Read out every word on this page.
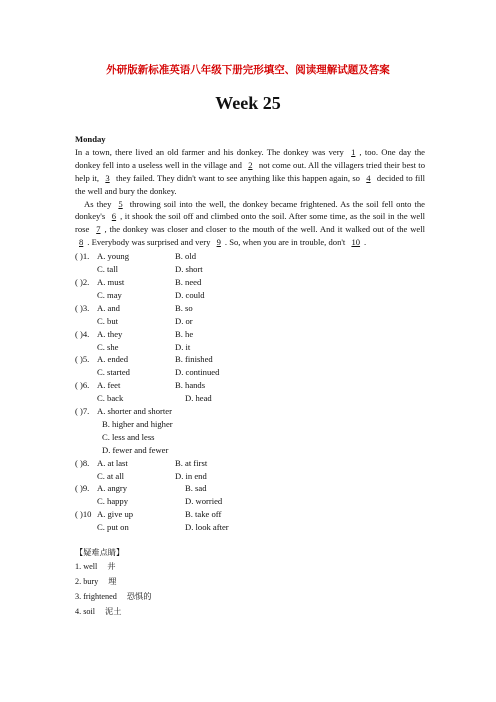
外研版新标准英语八年级下册完形填空、阅读理解试题及答案
Week 25
Monday

In a town, there lived an old farmer and his donkey. The donkey was very 1 , too. One day the donkey fell into a useless well in the village and 2 not come out. All the villagers tried their best to help it, 3 they failed. They didn't want to see anything like this happen again, so 4 decided to fill the well and bury the donkey.

As they 5 throwing soil into the well, the donkey became frightened. As the soil fell onto the donkey's 6 , it shook the soil off and climbed onto the soil. After some time, as the soil in the well rose 7 , the donkey was closer and closer to the mouth of the well. And it walked out of the well 8 . Everybody was surprised and very 9 . So, when you are in trouble, don't 10 .

( )1. A. young	B. old
C. tall	D. short
( )2. A. must	B. need
C. may	D. could
( )3. A. and	B. so
C. but	D. or
( )4. A. they	B. he
C. she	D. it
( )5. A. ended	B. finished
C. started	D. continued
( )6. A. feet	B. hands
C. back	D. head
( )7. A. shorter and shorter
B. higher and higher
C. less and less
D. fewer and fewer
( )8. A. at last	B. at first
C. at all	D. in end
( )9. A. angry	B. sad
C. happy	D. worried
( )10 A. give up	B. take off
C. put on	D. look after
【疑难点睛】
1. well 井
2. bury 埋
3. frightened 恐惧的
4. soil 泥土
